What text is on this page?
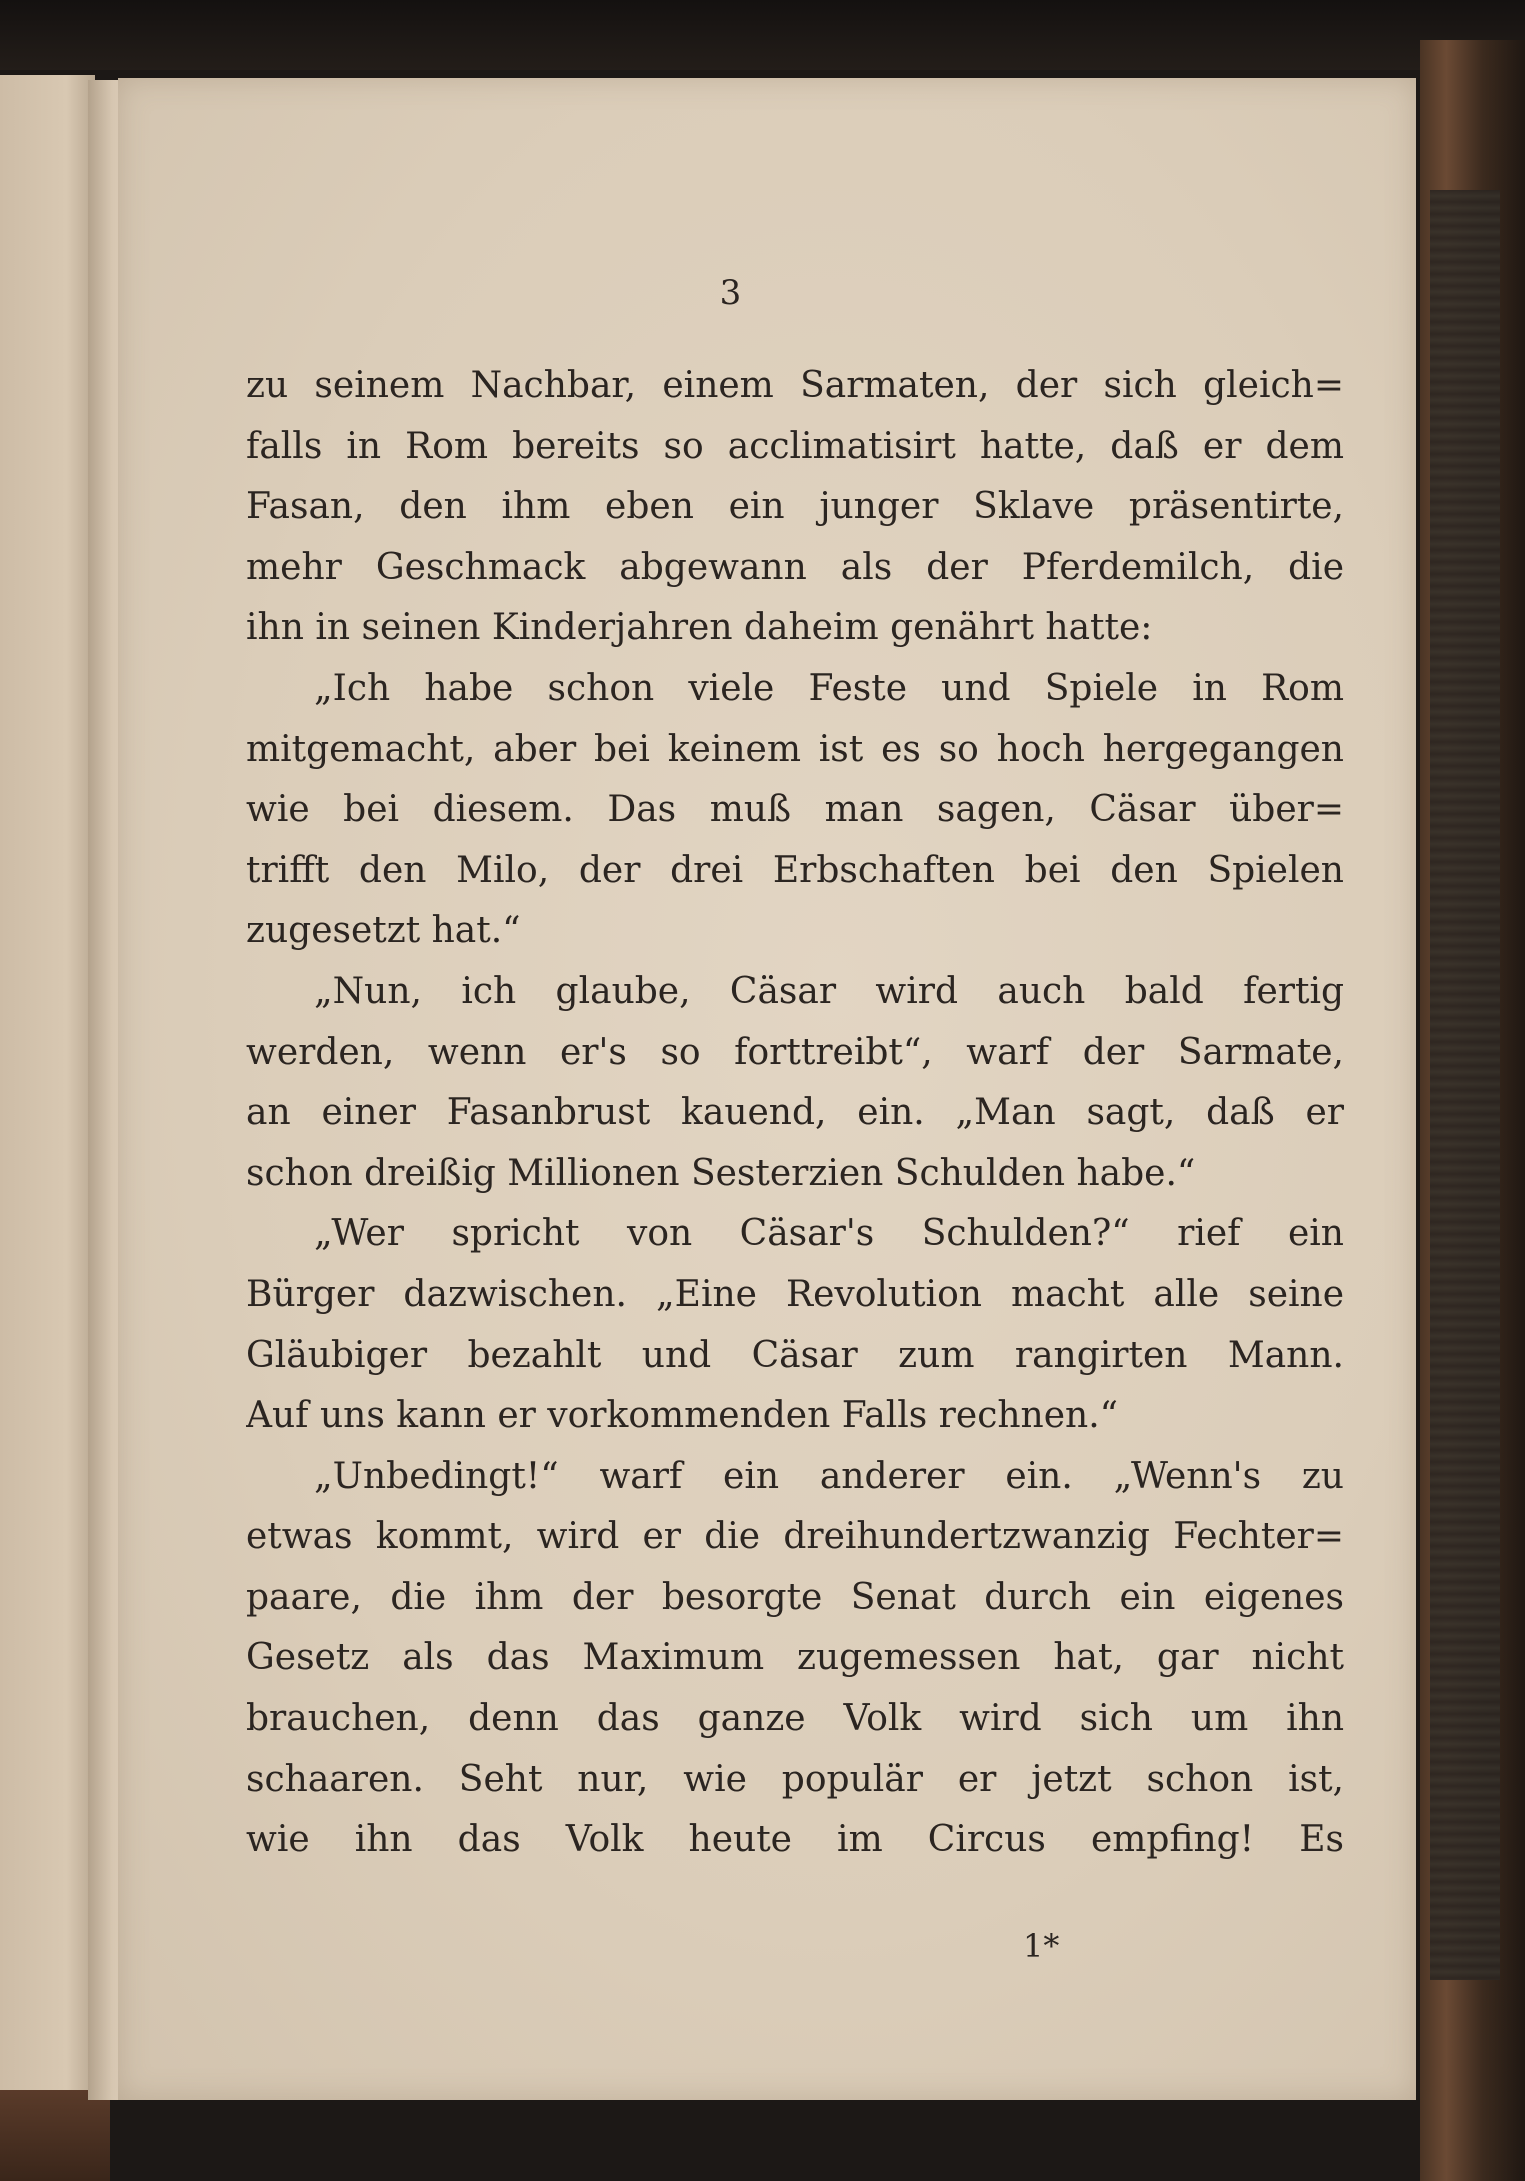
3
zu seinem Nachbar, einem Sarmaten, der sich gleich=
falls in Rom bereits so acclimatisirt hatte, daß er dem
Fasan, den ihm eben ein junger Sklave präsentirte,
mehr Geschmack abgewann als der Pferdemilch, die
ihn in seinen Kinderjahren daheim genährt hatte:
„Ich habe schon viele Feste und Spiele in Rom
mitgemacht, aber bei keinem ist es so hoch hergegangen
wie bei diesem. Das muß man sagen, Cäsar über=
trifft den Milo, der drei Erbschaften bei den Spielen
zugesetzt hat.“
„Nun, ich glaube, Cäsar wird auch bald fertig
werden, wenn er's so forttreibt“, warf der Sarmate,
an einer Fasanbrust kauend, ein. „Man sagt, daß er
schon dreißig Millionen Sesterzien Schulden habe.“
„Wer spricht von Cäsar's Schulden?“ rief ein
Bürger dazwischen. „Eine Revolution macht alle seine
Gläubiger bezahlt und Cäsar zum rangirten Mann.
Auf uns kann er vorkommenden Falls rechnen.“
„Unbedingt!“ warf ein anderer ein. „Wenn's zu
etwas kommt, wird er die dreihundertzwanzig Fechter=
paare, die ihm der besorgte Senat durch ein eigenes
Gesetz als das Maximum zugemessen hat, gar nicht
brauchen, denn das ganze Volk wird sich um ihn
schaaren. Seht nur, wie populär er jetzt schon ist,
wie ihn das Volk heute im Circus empfing! Es
1*
